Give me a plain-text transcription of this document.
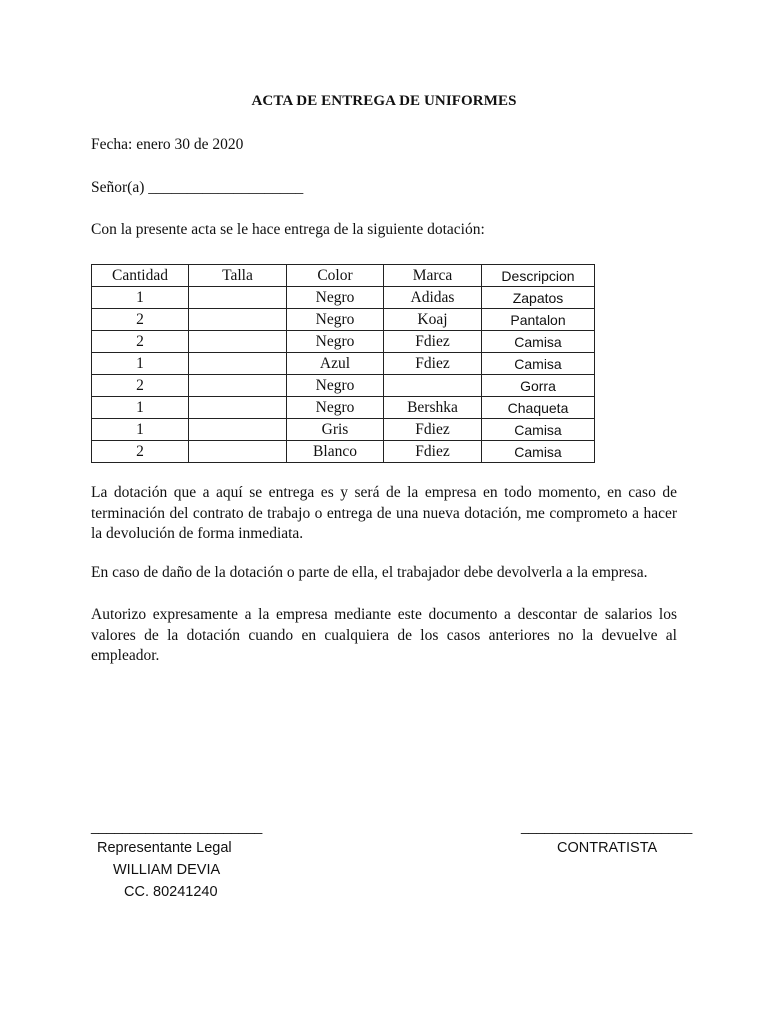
ACTA DE ENTREGA DE UNIFORMES
Fecha: enero 30 de 2020
Señor(a) ____________________
Con la presente acta se le hace entrega de la siguiente dotación:
Cantidad	Talla	Color	Marca	Descripcion
1		Negro	Adidas	Zapatos
2		Negro	Koaj	Pantalon
2		Negro	Fdiez	Camisa
1		Azul	Fdiez	Camisa
2		Negro		Gorra
1		Negro	Bershka	Chaqueta
1		Gris	Fdiez	Camisa
2		Blanco	Fdiez	Camisa
La dotación que a aquí se entrega es y será de la empresa en todo momento, en caso de terminación del contrato de trabajo o entrega de una nueva dotación, me comprometo a hacer la devolución de forma inmediata.
En caso de daño de la dotación o parte de ella, el trabajador debe devolverla a la empresa.
Autorizo expresamente a la empresa mediante este documento a descontar de salarios los valores de la dotación cuando en cualquiera de los casos anteriores no la devuelve al empleador.
______________________	______________________
Representante Legal
WILLIAM DEVIA
CC. 80241240
CONTRATISTA
